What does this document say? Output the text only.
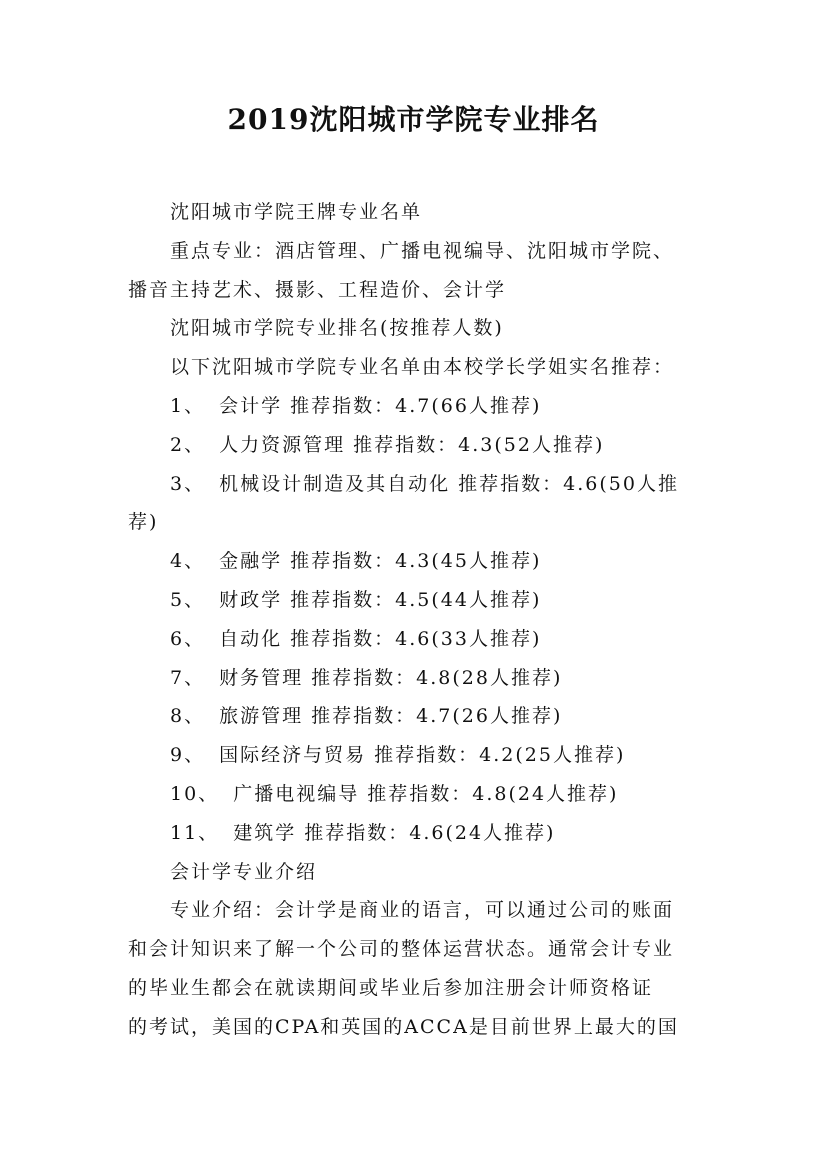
2019沈阳城市学院专业排名
沈阳城市学院王牌专业名单
重点专业：酒店管理、广播电视编导、沈阳城市学院、
播音主持艺术、摄影、工程造价、会计学
沈阳城市学院专业排名(按推荐人数)
以下沈阳城市学院专业名单由本校学长学姐实名推荐：
1、 会计学 推荐指数：4.7(66人推荐)
2、 人力资源管理 推荐指数：4.3(52人推荐)
3、 机械设计制造及其自动化 推荐指数：4.6(50人推
荐)
4、 金融学 推荐指数：4.3(45人推荐)
5、 财政学 推荐指数：4.5(44人推荐)
6、 自动化 推荐指数：4.6(33人推荐)
7、 财务管理 推荐指数：4.8(28人推荐)
8、 旅游管理 推荐指数：4.7(26人推荐)
9、 国际经济与贸易 推荐指数：4.2(25人推荐)
10、 广播电视编导 推荐指数：4.8(24人推荐)
11、 建筑学 推荐指数：4.6(24人推荐)
会计学专业介绍
专业介绍：会计学是商业的语言，可以通过公司的账面
和会计知识来了解一个公司的整体运营状态。通常会计专业
的毕业生都会在就读期间或毕业后参加注册会计师资格证
的考试，美国的CPA和英国的ACCA是目前世界上最大的国
